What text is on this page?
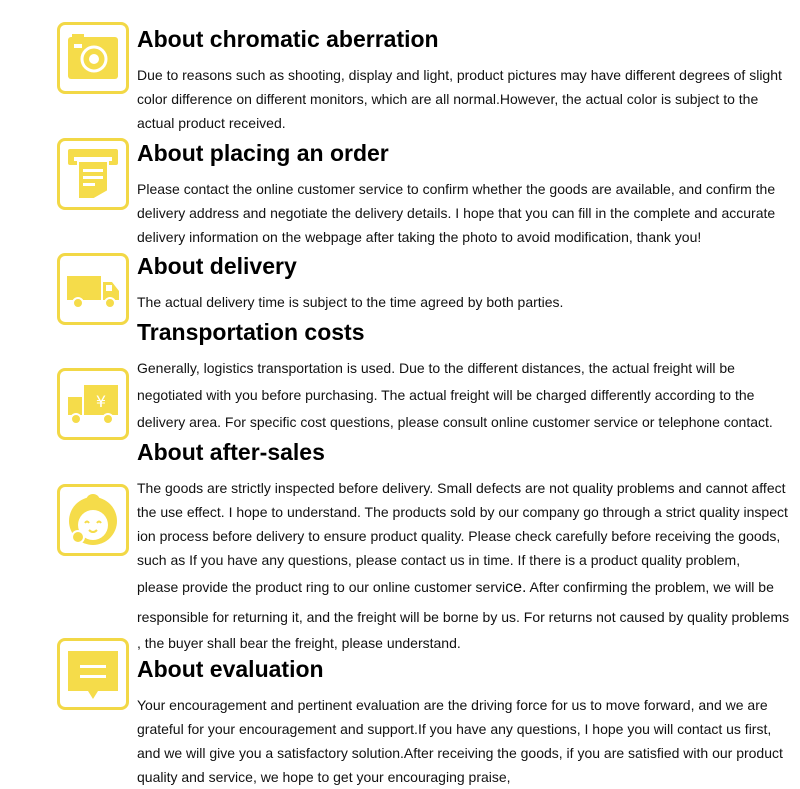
About chromatic aberration
Due to reasons such as shooting, display and light, product pictures may have different degrees of slight
color difference on different monitors, which are all normal.However, the actual color is subject to the
actual product received.
About placing an order
Please contact the online customer service to confirm whether the goods are available, and confirm the
delivery address and negotiate the delivery details. I hope that you can fill in the complete and accurate
delivery information on the webpage after taking the photo to avoid modification, thank you!
About delivery
The actual delivery time is subject to the time agreed by both parties.
Transportation costs
¥
Generally, logistics transportation is used. Due to the different distances, the actual freight will be
negotiated with you before purchasing. The actual freight will be charged dіfferently according to the
delivery area. For specific cost questions, please consult online customer service or telephone contact.
About after-sales
The goods are strictly inspected before delivery. Small defects are not quality problems and cannot affect
the use effect. I hope to understand. The products sold by our company go through a strict quality inspect
ion process before delivery to ensure product quality. Please check carefully before receiving the goods,
such as If you have any questions, please contact us in time. If there is a product quality problem,
please provide the product ring to our online customer service. After confirming the problem, we will be
responsible for returning it, and the freight will be borne by us. For returns not caused by quality problems
, the buyer shall bear the freight, please understand.
About evaluation
Your encouragement and pertinent evaluation are the driving force for us to move forward, and we are
grateful for your encouragement and support.If you have any questions, I hope you will contact us first,
and we will give you a satisfactory solution.After receiving the goods, if you are satisfied with our product
quality and service, we hope to get your encouraging praise,
